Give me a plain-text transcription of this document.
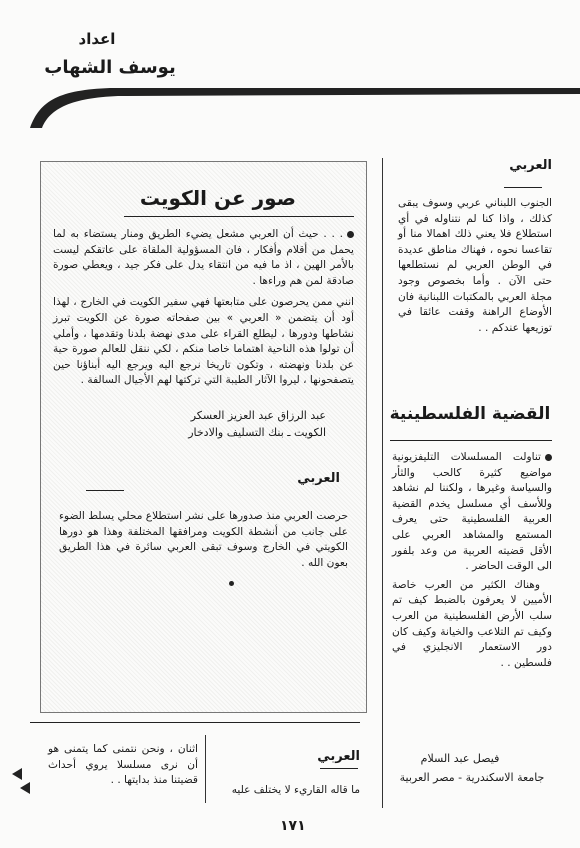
اعداد
يوسف الشهاب
العربي

الجنوب اللبناني عربي وسوف يبقى كذلك ، واذا كنا لم نتناوله في أي استطلاع فلا يعني ذلك اهمالا منا أو تقاعسا نحوه ، فهناك مناطق عديدة في الوطن العربي لم نستطلعها حتى الآن . وأما بخصوص وجود مجلة العربي بالمكتبات اللبنانية فان الأوضاع الراهنة وقفت عائقا في توزيعها عندكم . .

القضية الفلسطينية

تناولت المسلسلات التليفزيونية مواضيع كثيرة كالحب والثأر والسياسة وغيرها ، ولكننا لم نشاهد وللأسف أي مسلسل يخدم القضية العربية الفلسطينية حتى يعرف المستمع والمشاهد العربي على الأقل قضيته العربية من وعد بلفور الى الوقت الحاضر .

وهناك الكثير من العرب خاصة الأميين لا يعرفون بالضبط كيف تم سلب الأرض الفلسطينية من العرب وكيف تم التلاعب والخيانة وكيف كان دور الاستعمار الانجليزي في فلسطين . .

فيصل عبد السلام
جامعة الاسكندرية - مصر العربية
صور عن الكويت

. . . حيث أن العربي مشعل يضيء الطريق ومنار يستضاء به لما يحمل من أقلام وأفكار ، فان المسؤولية الملقاة على عاتقكم ليست بالأمر الهين ، اذ ما فيه من انتقاء يدل على فكر جيد ، ويعطي صورة صادقة لمن هم وراءها .

انني ممن يحرصون على متابعتها فهي سفير الكويت في الخارج ، لهذا أود أن يتضمن « العربي » بين صفحاته صورة عن الكويت تبرز نشاطها ودورها ، ليطلع القراء على مدى نهضة بلدنا وتقدمها ، وأملي أن تولوا هذه الناحية اهتماما خاصا منكم ، لكي ننقل للعالم صورة حية عن بلدنا ونهضته ، وتكون تاريخا نرجع اليه ويرجع اليه أبناؤنا حين يتصفحونها ، ليروا الآثار الطيبة التي تركتها لهم الأجيال السالفة .

عبد الرزاق عبد العزيز العسكر
الكويت ـ بنك التسليف والادخار
العربي

حرصت العربي منذ صدورها على نشر استطلاع محلي يسلط الضوء على جانب من أنشطة الكويت ومرافقها المختلفة وهذا هو دورها الكويتي في الخارج وسوف تبقى العربي سائرة في هذا الطريق بعون الله .

العربي

ما قاله القاريء لا يختلف عليه

اثنان ، ونحن نتمنى كما يتمنى هو أن نرى مسلسلا يروي أحداث قضيتنا منذ بدايتها . .

١٧١
